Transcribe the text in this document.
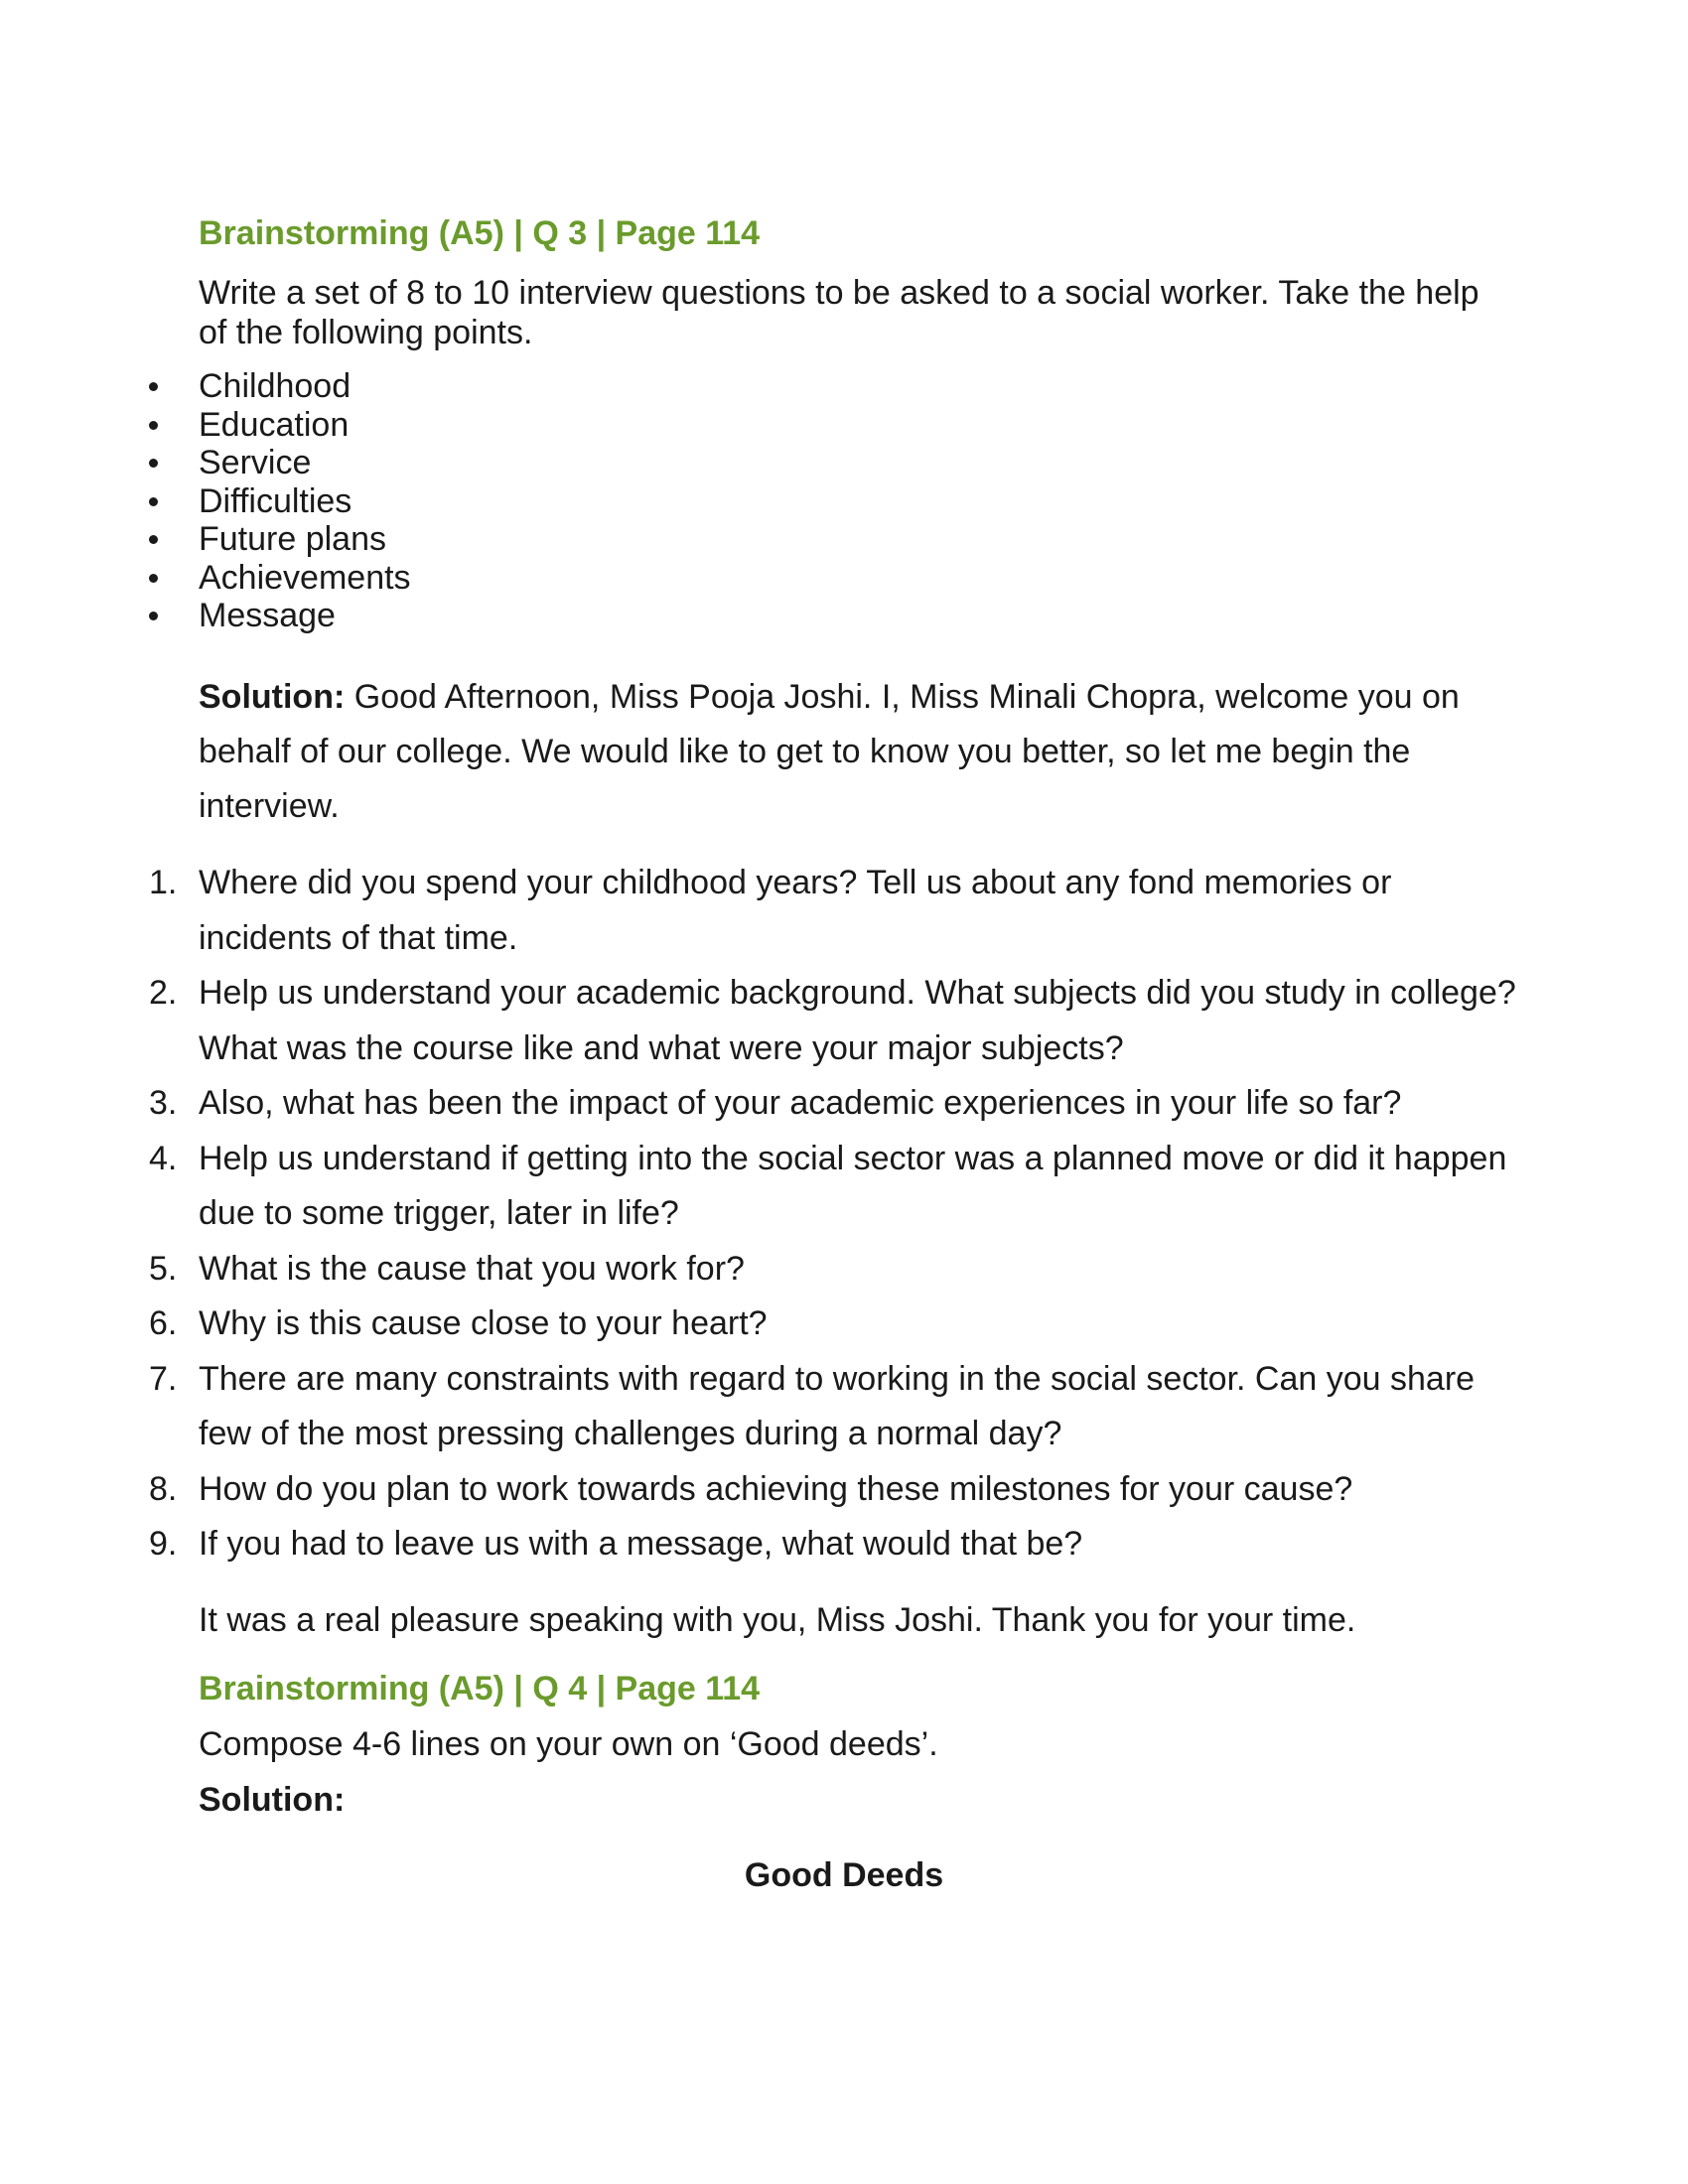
Brainstorming (A5) | Q 3 | Page 114
Write a set of 8 to 10 interview questions to be asked to a social worker. Take the help of the following points.
Childhood
Education
Service
Difficulties
Future plans
Achievements
Message
Solution: Good Afternoon, Miss Pooja Joshi. I, Miss Minali Chopra, welcome you on behalf of our college. We would like to get to know you better, so let me begin the interview.
1. Where did you spend your childhood years? Tell us about any fond memories or incidents of that time.
2. Help us understand your academic background. What subjects did you study in college? What was the course like and what were your major subjects?
3. Also, what has been the impact of your academic experiences in your life so far?
4. Help us understand if getting into the social sector was a planned move or did it happen due to some trigger, later in life?
5. What is the cause that you work for?
6. Why is this cause close to your heart?
7. There are many constraints with regard to working in the social sector. Can you share few of the most pressing challenges during a normal day?
8. How do you plan to work towards achieving these milestones for your cause?
9. If you had to leave us with a message, what would that be?
It was a real pleasure speaking with you, Miss Joshi. Thank you for your time.
Brainstorming (A5) | Q 4 | Page 114
Compose 4-6 lines on your own on ‘Good deeds’.
Solution:
Good Deeds
